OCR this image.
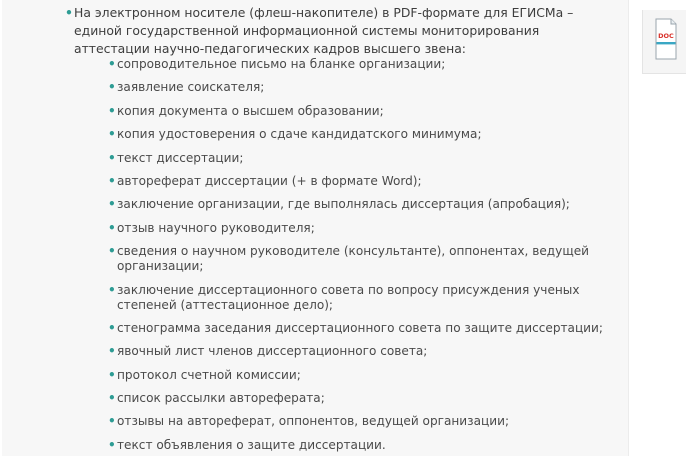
• На электронном носителе (флеш-накопителе) в PDF-формате для ЕГИСМа – единой государственной информационной системы мониторирования аттестации научно-педагогических кадров высшего звена:
• сопроводительное письмо на бланке организации;
• заявление соискателя;
• копия документа о высшем образовании;
• копия удостоверения о сдаче кандидатского минимума;
• текст диссертации;
• автореферат диссертации (+ в формате Word);
• заключение организации, где выполнялась диссертация (апробация);
• отзыв научного руководителя;
• сведения о научном руководителе (консультанте), оппонентах, ведущей организации;
• заключение диссертационного совета по вопросу присуждения ученых степеней (аттестационное дело);
• стенограмма заседания диссертационного совета по защите диссертации;
• явочный лист членов диссертационного совета;
• протокол счетной комиссии;
• список рассылки автореферата;
• отзывы на автореферат, оппонентов, ведущей организации;
• текст объявления о защите диссертации.
DOC
